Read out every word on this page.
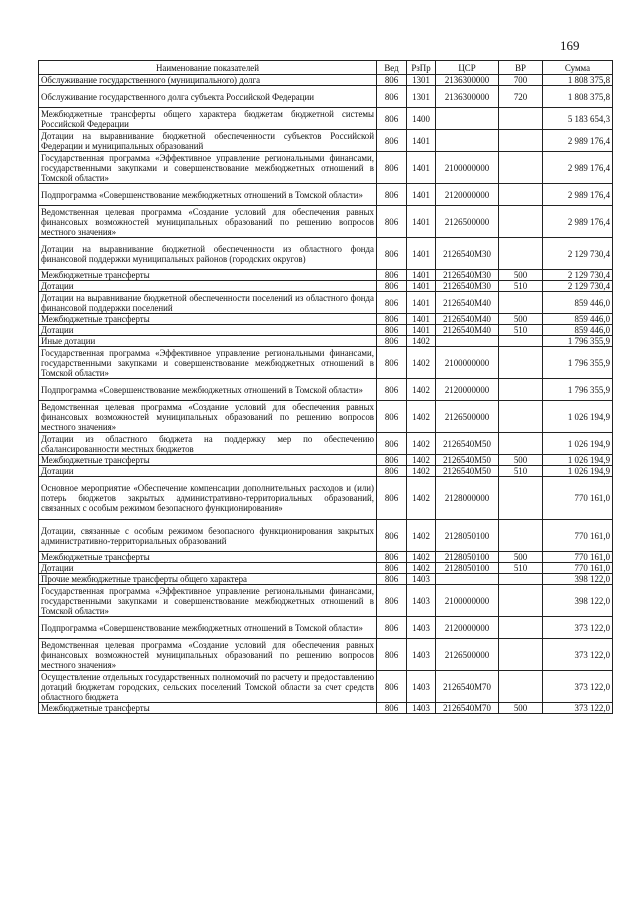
169
Наименование показателей	Вед	РзПр	ЦСР	ВР	Сумма
Обслуживание государственного (муниципального) долга	806	1301	2136300000	700	1 808 375,8
Обслуживание государственного долга субъекта Российской Федерации	806	1301	2136300000	720	1 808 375,8
Межбюджетные трансферты общего характера бюджетам бюджетной системы Российской Федерации	806	1400			5 183 654,3
Дотации на выравнивание бюджетной обеспеченности субъектов Российской Федерации и муниципальных образований	806	1401			2 989 176,4
Государственная программа «Эффективное управление региональными финансами, государственными закупками и совершенствование межбюджетных отношений в Томской области»	806	1401	2100000000		2 989 176,4
Подпрограмма «Совершенствование межбюджетных отношений в Томской области»	806	1401	2120000000		2 989 176,4
Ведомственная целевая программа «Создание условий для обеспечения равных финансовых возможностей муниципальных образований по решению вопросов местного значения»	806	1401	2126500000		2 989 176,4
Дотации на выравнивание бюджетной обеспеченности из областного фонда финансовой поддержки муниципальных районов (городских округов)	806	1401	2126540М30		2 129 730,4
Межбюджетные трансферты	806	1401	2126540М30	500	2 129 730,4
Дотации	806	1401	2126540М30	510	2 129 730,4
Дотации на выравнивание бюджетной обеспеченности поселений из областного фонда финансовой поддержки поселений	806	1401	2126540М40		859 446,0
Межбюджетные трансферты	806	1401	2126540М40	500	859 446,0
Дотации	806	1401	2126540М40	510	859 446,0
Иные дотации	806	1402			1 796 355,9
Государственная программа «Эффективное управление региональными финансами, государственными закупками и совершенствование межбюджетных отношений в Томской области»	806	1402	2100000000		1 796 355,9
Подпрограмма «Совершенствование межбюджетных отношений в Томской области»	806	1402	2120000000		1 796 355,9
Ведомственная целевая программа «Создание условий для обеспечения равных финансовых возможностей муниципальных образований по решению вопросов местного значения»	806	1402	2126500000		1 026 194,9
Дотации из областного бюджета на поддержку мер по обеспечению сбалансированности местных бюджетов	806	1402	2126540М50		1 026 194,9
Межбюджетные трансферты	806	1402	2126540М50	500	1 026 194,9
Дотации	806	1402	2126540М50	510	1 026 194,9
Основное мероприятие «Обеспечение компенсации дополнительных расходов и (или) потерь бюджетов закрытых административно-территориальных образований, связанных с особым режимом безопасного функционирования»	806	1402	2128000000		770 161,0
Дотации, связанные с особым режимом безопасного функционирования закрытых административно-территориальных образований	806	1402	2128050100		770 161,0
Межбюджетные трансферты	806	1402	2128050100	500	770 161,0
Дотации	806	1402	2128050100	510	770 161,0
Прочие межбюджетные трансферты общего характера	806	1403			398 122,0
Государственная программа «Эффективное управление региональными финансами, государственными закупками и совершенствование межбюджетных отношений в Томской области»	806	1403	2100000000		398 122,0
Подпрограмма «Совершенствование межбюджетных отношений в Томской области»	806	1403	2120000000		373 122,0
Ведомственная целевая программа «Создание условий для обеспечения равных финансовых возможностей муниципальных образований по решению вопросов местного значения»	806	1403	2126500000		373 122,0
Осуществление отдельных государственных полномочий по расчету и предоставлению дотаций бюджетам городских, сельских поселений Томской области за счет средств областного бюджета	806	1403	2126540М70		373 122,0
Межбюджетные трансферты	806	1403	2126540М70	500	373 122,0
